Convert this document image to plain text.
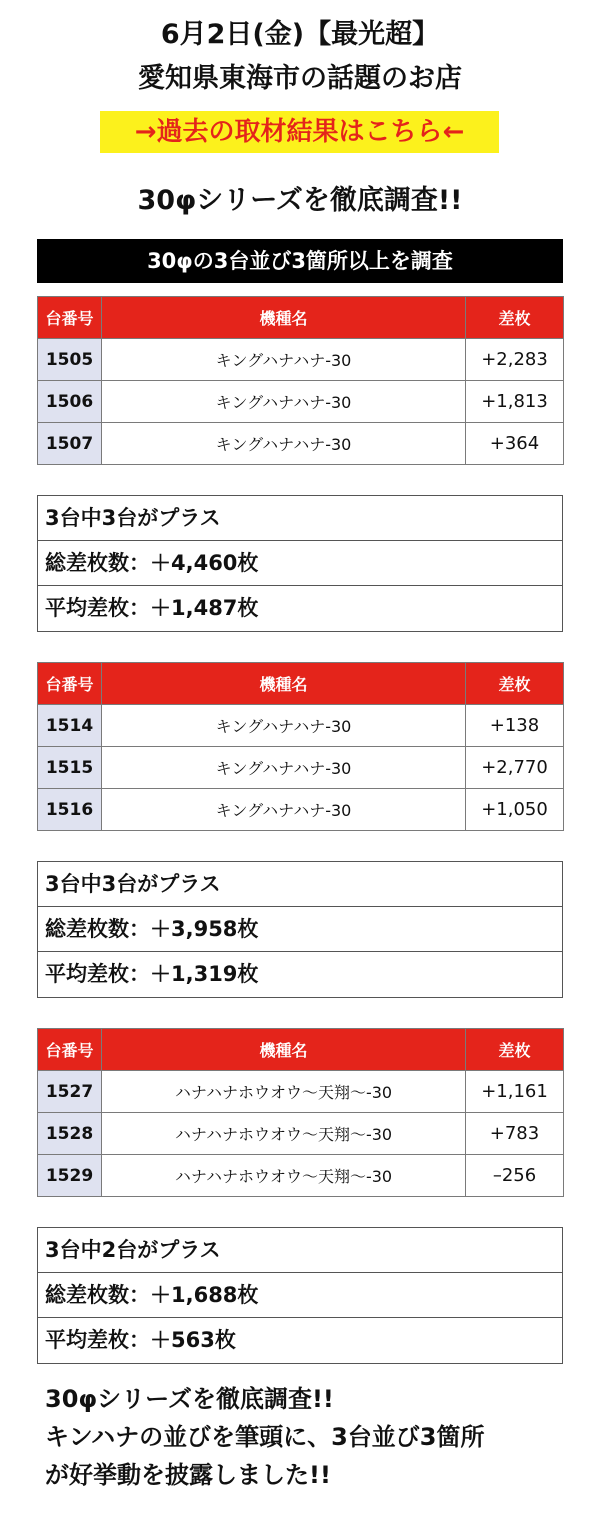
6月2日(金)【最光超】
愛知県東海市の話題のお店
→過去の取材結果はこちら←
30φシリーズを徹底調査!!
30φの3台並び3箇所以上を調査
台番号	機種名	差枚
1505	キングハナハナ-30	+2,283
1506	キングハナハナ-30	+1,813
1507	キングハナハナ-30	+364
3台中3台がプラス
総差枚数：＋4,460枚
平均差枚：＋1,487枚
台番号	機種名	差枚
1514	キングハナハナ-30	+138
1515	キングハナハナ-30	+2,770
1516	キングハナハナ-30	+1,050
3台中3台がプラス
総差枚数：＋3,958枚
平均差枚：＋1,319枚
台番号	機種名	差枚
1527	ハナハナホウオウ〜天翔〜-30	+1,161
1528	ハナハナホウオウ〜天翔〜-30	+783
1529	ハナハナホウオウ〜天翔〜-30	–256
3台中2台がプラス
総差枚数：＋1,688枚
平均差枚：＋563枚
30φシリーズを徹底調査!!
キンハナの並びを筆頭に、3台並び3箇所
が好挙動を披露しました!!
